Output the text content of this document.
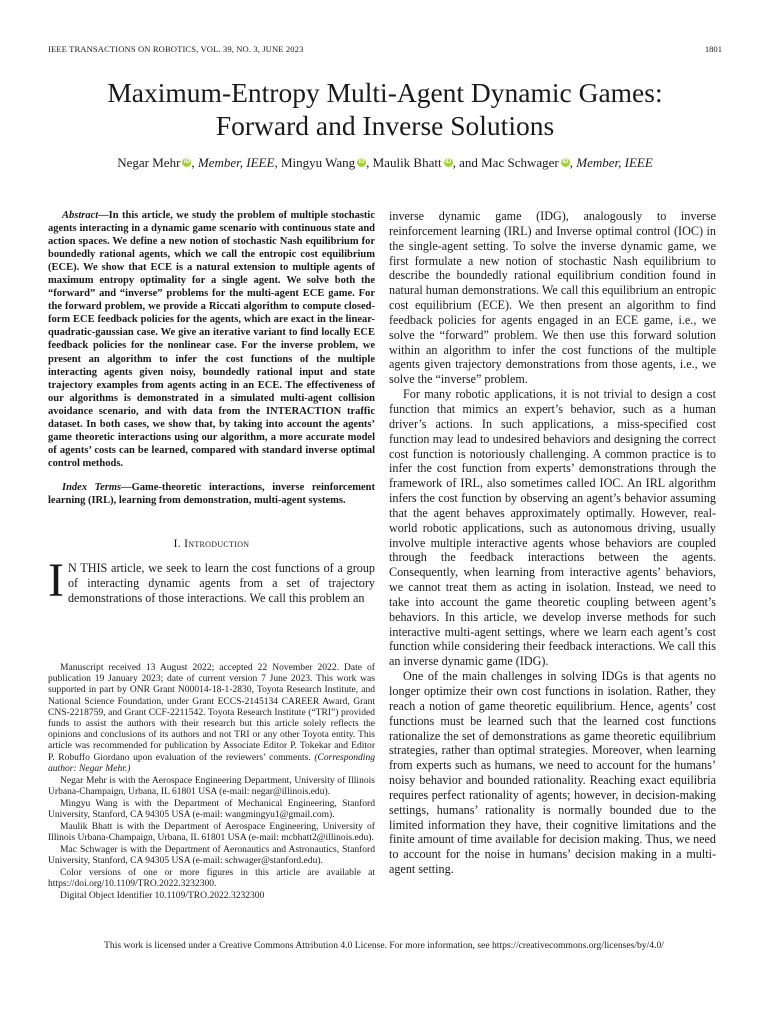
IEEE TRANSACTIONS ON ROBOTICS, VOL. 39, NO. 3, JUNE 2023	1801
Maximum-Entropy Multi-Agent Dynamic Games:
Forward and Inverse Solutions
Negar Mehr iD , Member, IEEE, Mingyu Wang iD , Maulik Bhatt iD , and Mac Schwager iD , Member, IEEE

Abstract—In this article, we study the problem of multiple stochastic agents interacting in a dynamic game scenario with continuous state and action spaces. We define a new notion of stochastic Nash equilibrium for boundedly rational agents, which we call the entropic cost equilibrium (ECE). We show that ECE is a natural extension to multiple agents of maximum entropy optimality for a single agent. We solve both the “forward” and “inverse” problems for the multi-agent ECE game. For the forward problem, we provide a Riccati algorithm to compute closed-form ECE feedback policies for the agents, which are exact in the linear-quadratic-gaussian case. We give an iterative variant to find locally ECE feedback policies for the nonlinear case. For the inverse problem, we present an algorithm to infer the cost functions of the multiple interacting agents given noisy, boundedly rational input and state trajectory examples from agents acting in an ECE. The effectiveness of our algorithms is demonstrated in a simulated multi-agent collision avoidance scenario, and with data from the INTERACTION traffic dataset. In both cases, we show that, by taking into account the agents’ game theoretic interactions using our algorithm, a more accurate model of agents’ costs can be learned, compared with standard inverse optimal control methods.

Index Terms—Game-theoretic interactions, inverse reinforcement learning (IRL), learning from demonstration, multi-agent systems.

I. Introduction

I N THIS article, we seek to learn the cost functions of a group of interacting dynamic agents from a set of trajectory demonstrations of those interactions. We call this problem an

Manuscript received 13 August 2022; accepted 22 November 2022. Date of publication 19 January 2023; date of current version 7 June 2023. This work was supported in part by ONR Grant N00014-18-1-2830, Toyota Research Institute, and National Science Foundation, under Grant ECCS-2145134 CAREER Award, Grant CNS-2218759, and Grant CCF-2211542. Toyota Research Institute (“TRI”) provided funds to assist the authors with their research but this article solely reflects the opinions and conclusions of its authors and not TRI or any other Toyota entity. This article was recommended for publication by Associate Editor P. Tokekar and Editor P. Robuffo Giordano upon evaluation of the reviewers’ comments. (Corresponding author: Negar Mehr.)

Negar Mehr is with the Aerospace Engineering Department, University of Illinois Urbana-Champaign, Urbana, IL 61801 USA (e-mail: negar@illinois.edu).

Mingyu Wang is with the Department of Mechanical Engineering, Stanford University, Stanford, CA 94305 USA (e-mail: wangmingyu1@gmail.com).

Maulik Bhatt is with the Department of Aerospace Engineering, University of Illinois Urbana-Champaign, Urbana, IL 61801 USA (e-mail: mcbhatt2@illinois.edu).

Mac Schwager is with the Department of Aeronautics and Astronautics, Stanford University, Stanford, CA 94305 USA (e-mail: schwager@stanford.edu).

Color versions of one or more figures in this article are available at https://doi.org/10.1109/TRO.2022.3232300.

Digital Object Identifier 10.1109/TRO.2022.3232300

inverse dynamic game (IDG), analogously to inverse reinforcement learning (IRL) and Inverse optimal control (IOC) in the single-agent setting. To solve the inverse dynamic game, we first formulate a new notion of stochastic Nash equilibrium to describe the boundedly rational equilibrium condition found in natural human demonstrations. We call this equilibrium an entropic cost equilibrium (ECE). We then present an algorithm to find feedback policies for agents engaged in an ECE game, i.e., we solve the “forward” problem. We then use this forward solution within an algorithm to infer the cost functions of the multiple agents given trajectory demonstrations from those agents, i.e., we solve the “inverse” problem.

For many robotic applications, it is not trivial to design a cost function that mimics an expert’s behavior, such as a human driver’s actions. In such applications, a miss-specified cost function may lead to undesired behaviors and designing the correct cost function is notoriously challenging. A common practice is to infer the cost function from experts’ demonstrations through the framework of IRL, also sometimes called IOC. An IRL algorithm infers the cost function by observing an agent’s behavior assuming that the agent behaves approximately optimally. However, real-world robotic applications, such as autonomous driving, usually involve multiple interactive agents whose behaviors are coupled through the feedback interactions between the agents. Consequently, when learning from interactive agents’ behaviors, we cannot treat them as acting in isolation. Instead, we need to take into account the game theoretic coupling between agent’s behaviors. In this article, we develop inverse methods for such interactive multi-agent settings, where we learn each agent’s cost function while considering their feedback interactions. We call this an inverse dynamic game (IDG).

One of the main challenges in solving IDGs is that agents no longer optimize their own cost functions in isolation. Rather, they reach a notion of game theoretic equilibrium. Hence, agents’ cost functions must be learned such that the learned cost functions rationalize the set of demonstrations as game theoretic equilibrium strategies, rather than optimal strategies. Moreover, when learning from experts such as humans, we need to account for the humans’ noisy behavior and bounded rationality. Reaching exact equilibria requires perfect rationality of agents; however, in decision-making settings, humans’ rationality is normally bounded due to the limited information they have, their cognitive limitations and the finite amount of time available for decision making. Thus, we need to account for the noise in humans’ decision making in a multi-agent setting.

This work is licensed under a Creative Commons Attribution 4.0 License. For more information, see https://creativecommons.org/licenses/by/4.0/
